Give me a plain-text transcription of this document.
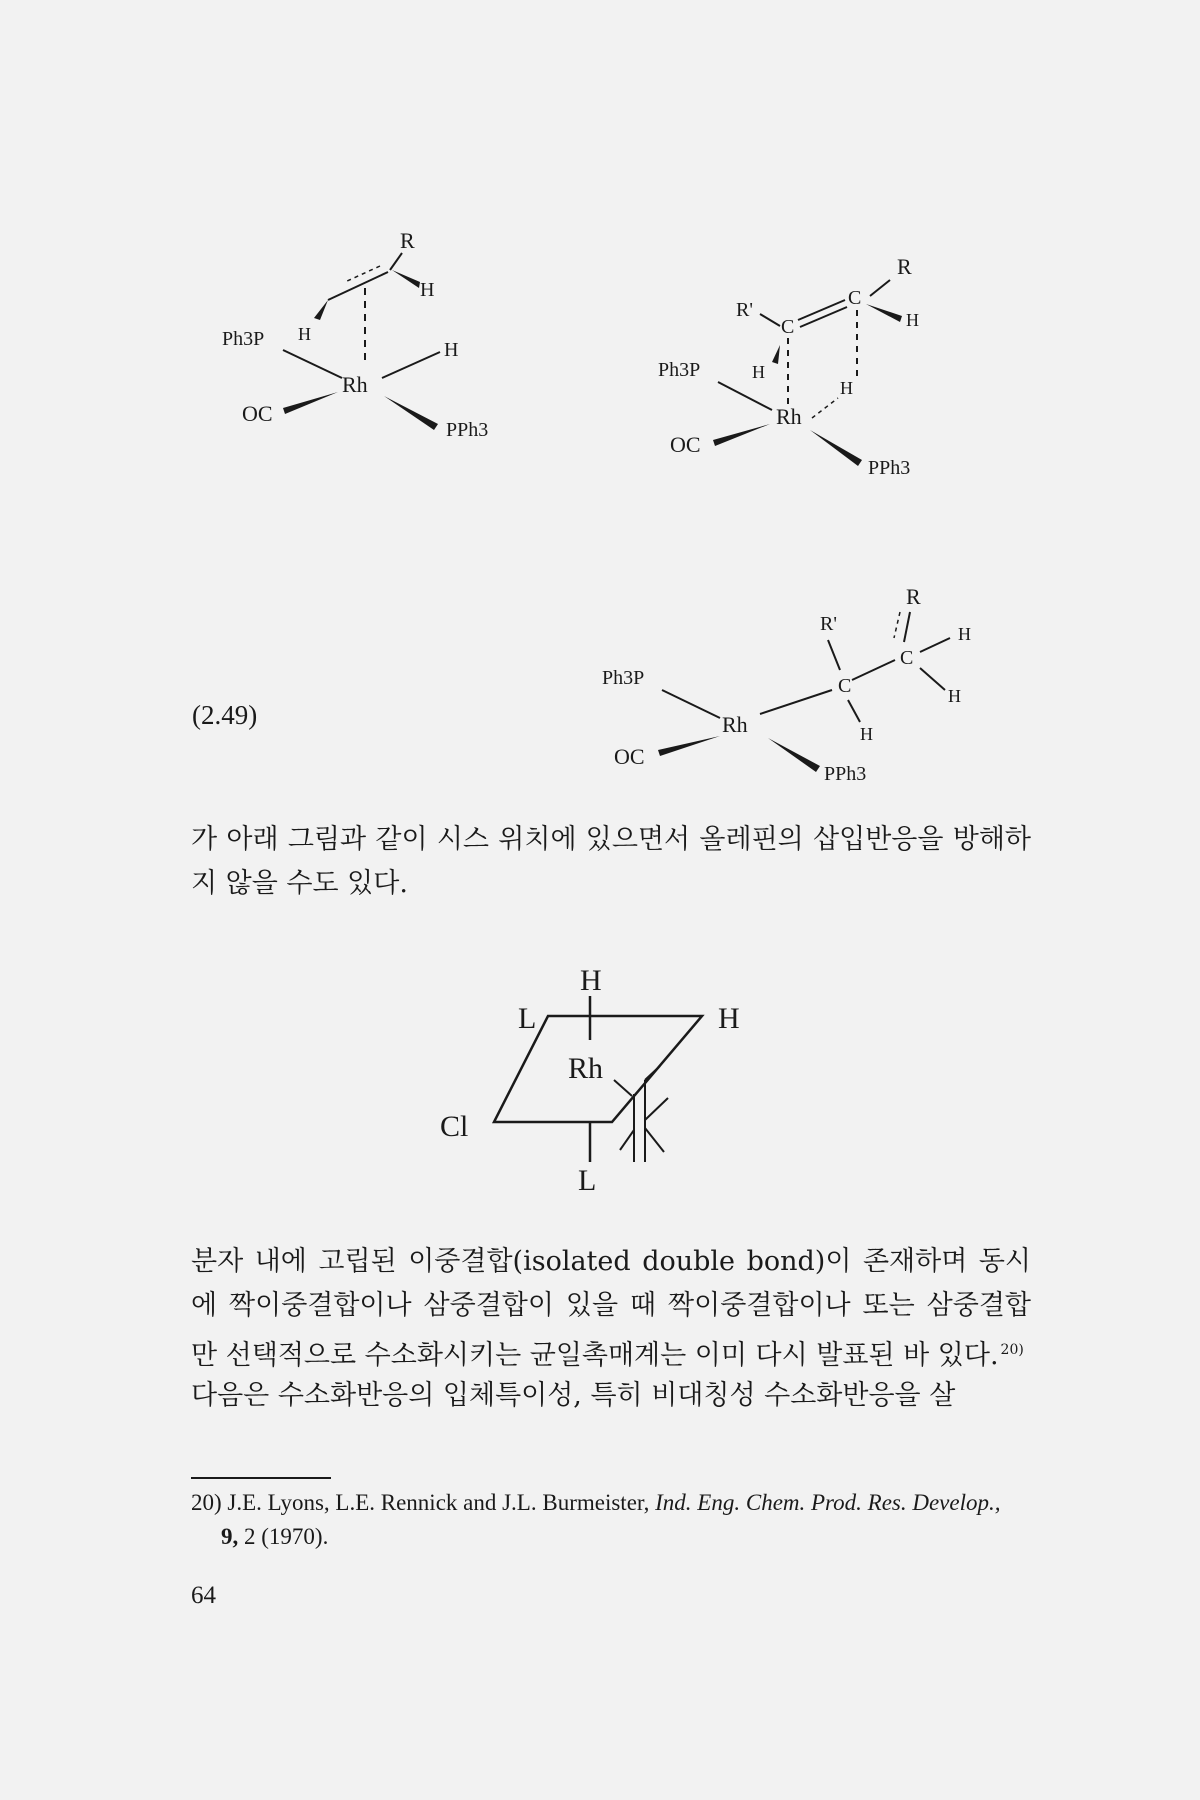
R
H
Ph3P H
Rh
H
OC
PPh3
R
C
H
R'
C
Ph3P	H
H
Rh
OC
PPh3
R
R'	H
C
C	H
H
Ph3P
Rh
OC
PPh3
H
L	H
Rh
L
Cl
(2.49)

가 아래 그림과 같이 시스 위치에 있으면서 올레핀의 삽입반응을 방해하지 않을 수도 있다.

분자 내에 고립된 이중결합(isolated double bond)이 존재하며 동시에 짝이중결합이나 삼중결합이 있을 때 짝이중결합이나 또는 삼중결합만 선택적으로 수소화시키는 균일촉매계는 이미 다시 발표된 바 있다. $^{20)}$

다음은 수소화반응의 입체특이성, 특히 비대칭성 수소화반응을 살

20) J.E. Lyons, L.E. Rennick and J.L. Burmeister, Ind. Eng. Chem. Prod. Res. Develop.,
9, 2 (1970).
64
